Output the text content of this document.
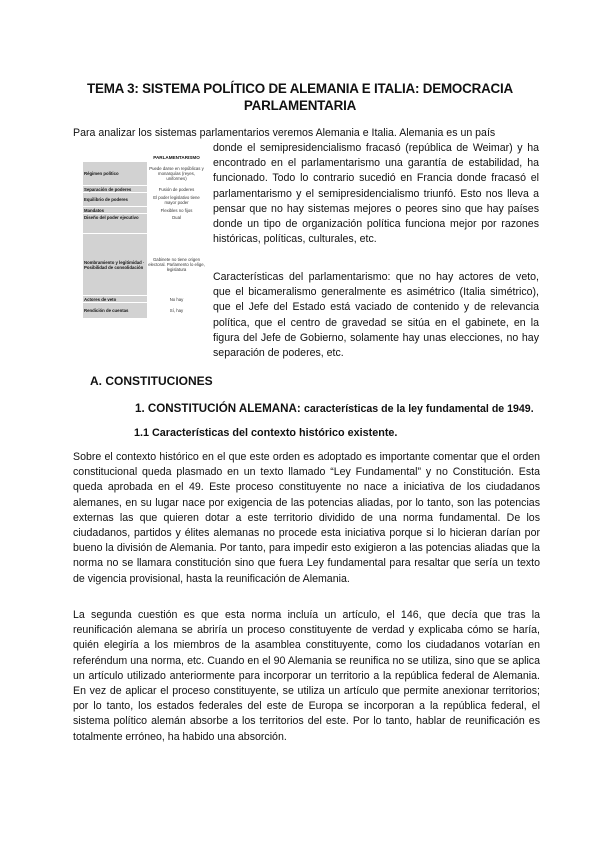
TEMA 3: SISTEMA POLÍTICO DE ALEMANIA E ITALIA: DEMOCRACIA
PARLAMENTARIA

Para analizar los sistemas parlamentarios veremos Alemania e Italia. Alemania es un país

	PARLAMENTARISMO
Régimen político	Puede darse en repúblicas y monarquías (reyes, uniformes)
Separación de poderes	Fusión de poderes
Equilibrio de poderes	El poder legislativo tiene mayor poder
Mandatos	Flexibles no fijos
Diseño del poder ejecutivo	Dual
Nombramiento y legitimidad · Posibilidad de consolidación	Gabinete no tiene origen electoral. Parlamento lo elige, legislatura
Actores de veto	No hay
Rendición de cuentas	Sí, hay

donde el semipresidencialismo fracasó (república de Weimar) y ha encontrado en el parlamentarismo una garantía de estabilidad, ha funcionado. Todo lo contrario sucedió en Francia donde fracasó el parlamentarismo y el semipresidencialismo triunfó. Esto nos lleva a pensar que no hay sistemas mejores o peores sino que hay países donde un tipo de organización política funciona mejor por razones históricas, políticas, culturales, etc.

Características del parlamentarismo: que no hay actores de veto, que el bicameralismo generalmente es asimétrico (Italia simétrico), que el Jefe del Estado está vaciado de contenido y de relevancia política, que el centro de gravedad se sitúa en el gabinete, en la figura del Jefe de Gobierno, solamente hay unas elecciones, no hay separación de poderes, etc.

A. CONSTITUCIONES
1. CONSTITUCIÓN ALEMANA: características de la ley fundamental de 1949.
1.1 Características del contexto histórico existente.

Sobre el contexto histórico en el que este orden es adoptado es importante comentar que el orden constitucional queda plasmado en un texto llamado “Ley Fundamental” y no Constitución. Esta queda aprobada en el 49. Este proceso constituyente no nace a iniciativa de los ciudadanos alemanes, en su lugar nace por exigencia de las potencias aliadas, por lo tanto, son las potencias externas las que quieren dotar a este territorio dividido de una norma fundamental. De los ciudadanos, partidos y élites alemanas no procede esta iniciativa porque si lo hicieran darían por bueno la división de Alemania. Por tanto, para impedir esto exigieron a las potencias aliadas que la norma no se llamara constitución sino que fuera Ley fundamental para resaltar que sería un texto de vigencia provisional, hasta la reunificación de Alemania.

La segunda cuestión es que esta norma incluía un artículo, el 146, que decía que tras la reunificación alemana se abriría un proceso constituyente de verdad y explicaba cómo se haría, quién elegiría a los miembros de la asamblea constituyente, como los ciudadanos votarían en referéndum una norma, etc. Cuando en el 90 Alemania se reunifica no se utiliza, sino que se aplica un artículo utilizado anteriormente para incorporar un territorio a la república federal de Alemania. En vez de aplicar el proceso constituyente, se utiliza un artículo que permite anexionar territorios; por lo tanto, los estados federales del este de Europa se incorporan a la república federal, el sistema político alemán absorbe a los territorios del este. Por lo tanto, hablar de reunificación es totalmente erróneo, ha habido una absorción.
